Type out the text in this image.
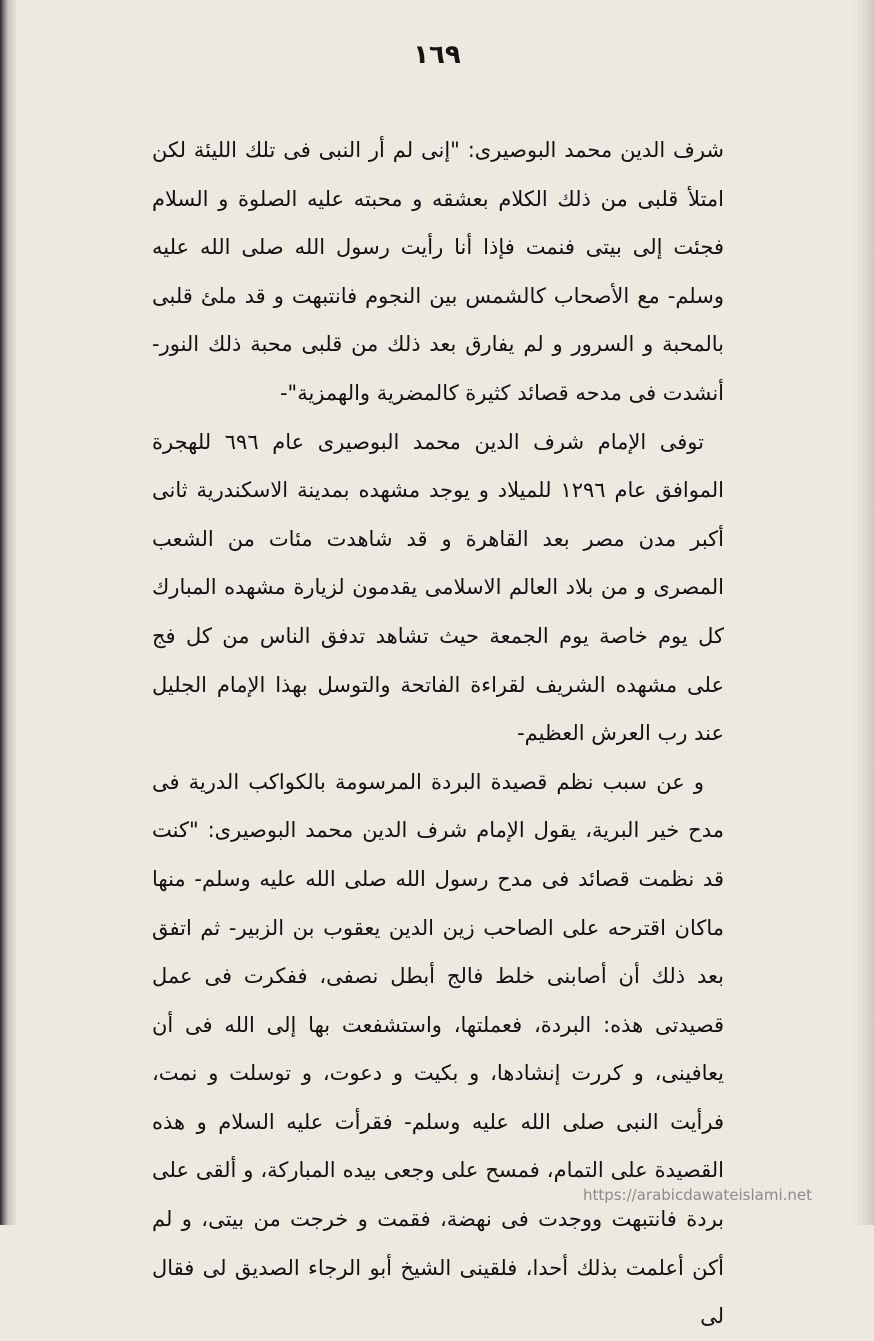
١٦٩

شرف الدين محمد البوصيرى: "إنى لم أر النبى فى تلك الليئة لكن امتلأ قلبى من ذلك الكلام بعشقه و محبته عليه الصلوة و السلام فجئت إلى بيتى فنمت فإذا أنا رأيت رسول الله صلى الله عليه وسلم- مع الأصحاب كالشمس بين النجوم فانتبهت و قد ملئ قلبى بالمحبة و السرور و لم يفارق بعد ذلك من قلبى محبة ذلك النور- أنشدت فى مدحه قصائد كثيرة كالمضرية والهمزية"-

توفى الإمام شرف الدين محمد البوصيرى عام ٦٩٦ للهجرة الموافق عام ١٢٩٦ للميلاد و يوجد مشهده بمدينة الاسكندرية ثانى أكبر مدن مصر بعد القاهرة و قد شاهدت مئات من الشعب المصرى و من بلاد العالم الاسلامى يقدمون لزيارة مشهده المبارك كل يوم خاصة يوم الجمعة حيث تشاهد تدفق الناس من كل فج على مشهده الشريف لقراءة الفاتحة والتوسل بهذا الإمام الجليل عند رب العرش العظيم-

و عن سبب نظم قصيدة البردة المرسومة بالكواكب الدرية فى مدح خير البرية، يقول الإمام شرف الدين محمد البوصيرى: "كنت قد نظمت قصائد فى مدح رسول الله صلى الله عليه وسلم- منها ماكان اقترحه على الصاحب زين الدين يعقوب بن الزبير- ثم اتفق بعد ذلك أن أصابنى خلط فالج أبطل نصفى، ففكرت فى عمل قصيدتى هذه: البردة، فعملتها، واستشفعت بها إلى الله فى أن يعافينى، و كررت إنشادها، و بكيت و دعوت، و توسلت و نمت، فرأيت النبى صلى الله عليه وسلم- فقرأت عليه السلام و هذه القصيدة على التمام، فمسح على وجعى بيده المباركة، و ألقى على بردة فانتبهت ووجدت فى نهضة، فقمت و خرجت من بيتى، و لم أكن أعلمت بذلك أحدا، فلقينى الشيخ أبو الرجاء الصديق لى فقال لى

https://arabicdawateislami.net
